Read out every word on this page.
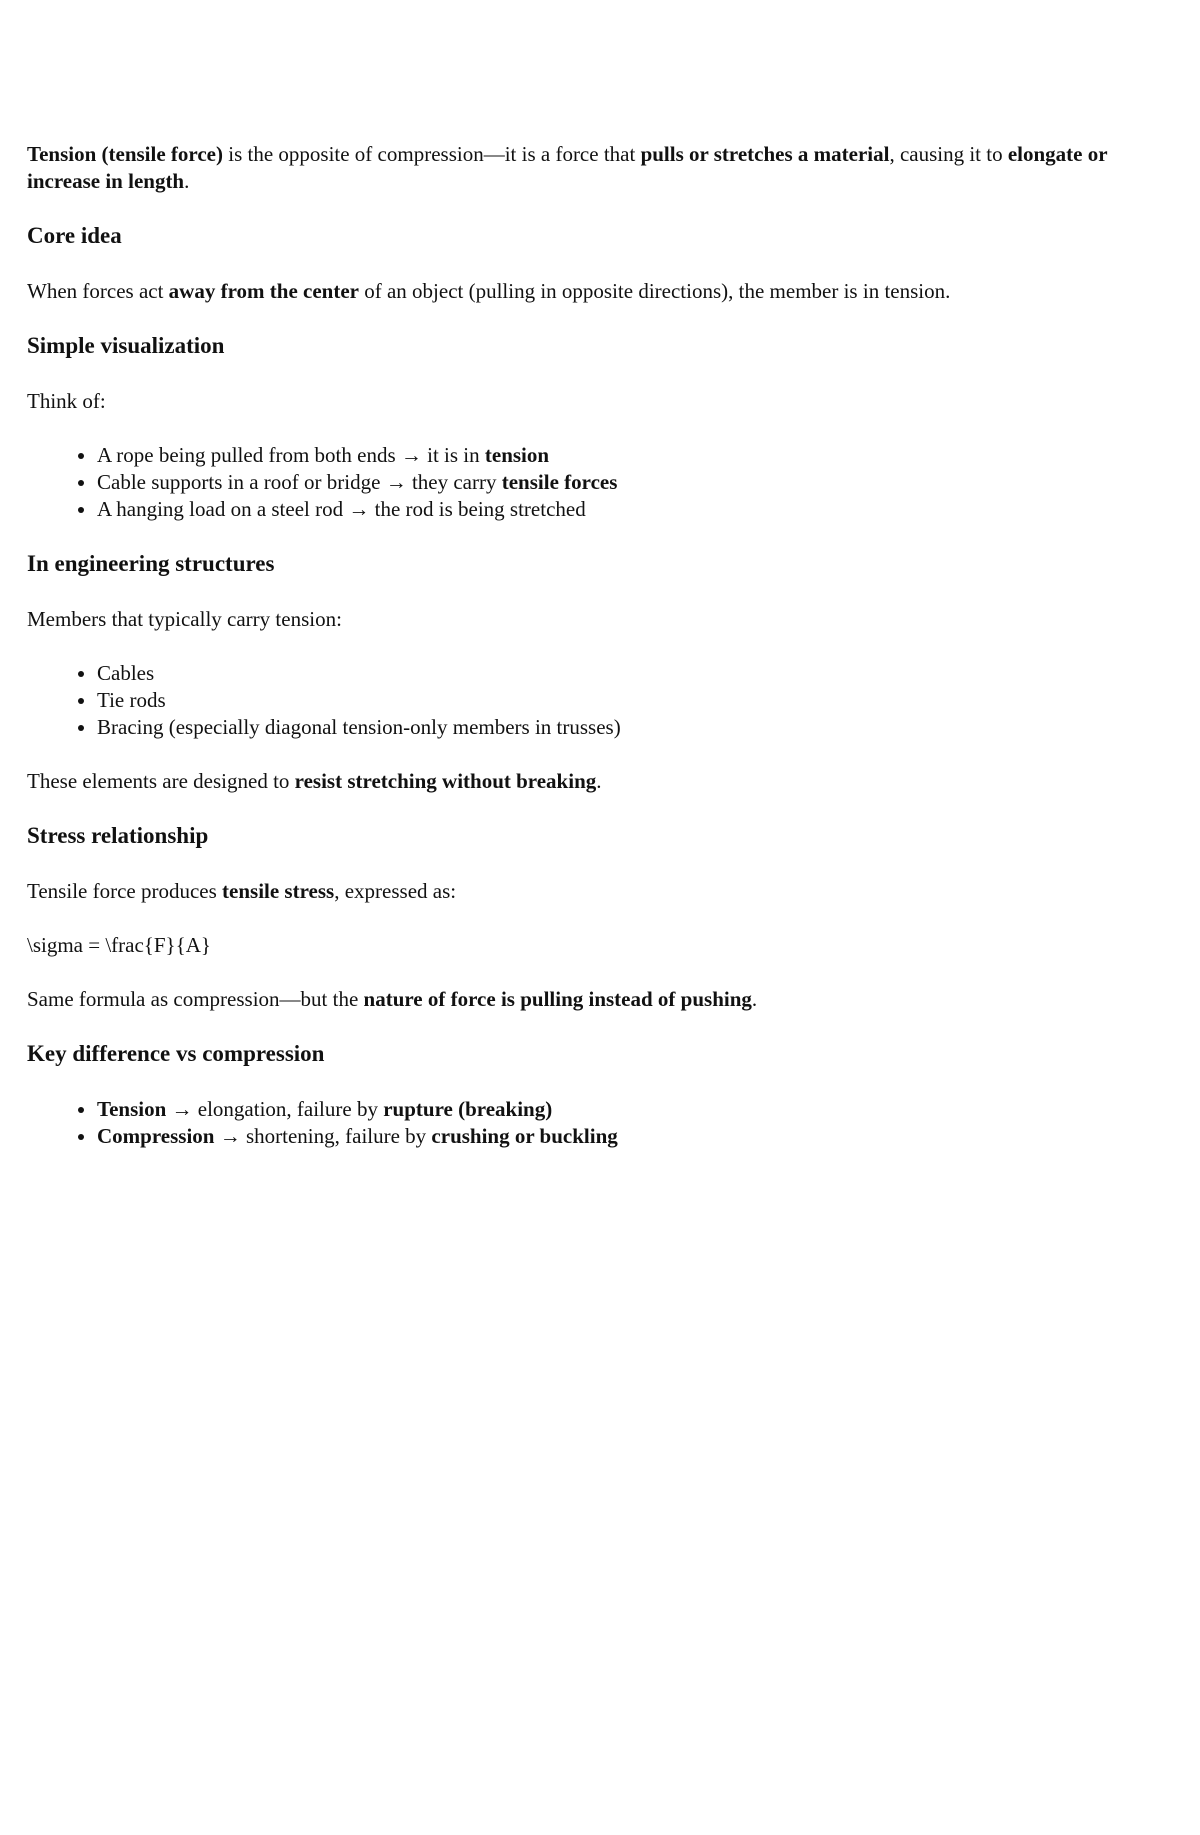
Tension (tensile force) is the opposite of compression—it is a force that pulls or stretches a material, causing it to elongate or increase in length.

Core idea

When forces act away from the center of an object (pulling in opposite directions), the member is in tension.

Simple visualization

Think of:

• A rope being pulled from both ends → it is in tension
• Cable supports in a roof or bridge → they carry tensile forces
• A hanging load on a steel rod → the rod is being stretched
In engineering structures

Members that typically carry tension:

• Cables
• Tie rods
• Bracing (especially diagonal tension-only members in trusses)

These elements are designed to resist stretching without breaking.

Stress relationship

Tensile force produces tensile stress, expressed as:

\sigma = \frac{F}{A}

Same formula as compression—but the nature of force is pulling instead of pushing.

Key difference vs compression
• Tension → elongation, failure by rupture (breaking)
• Compression → shortening, failure by crushing or buckling
